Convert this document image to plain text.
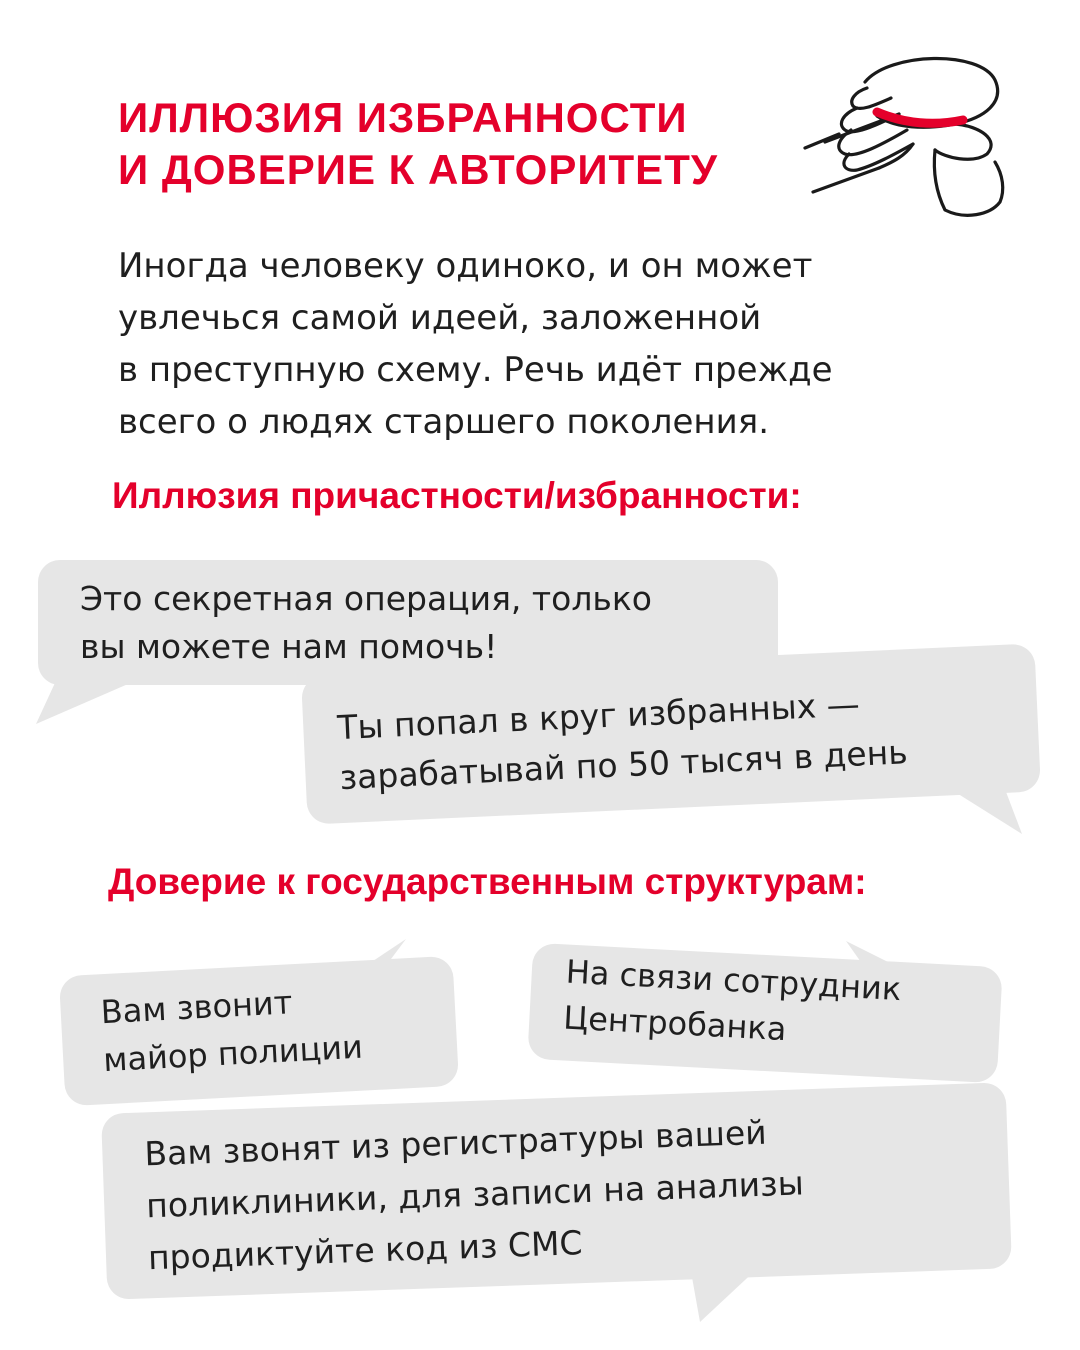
ИЛЛЮЗИЯ ИЗБРАННОСТИ
И ДОВЕРИЕ К АВТОРИТЕТУ
Иногда человеку одиноко, и он может
увлечься самой идеей, заложенной
в преступную схему. Речь идёт прежде
всего о людях старшего поколения.
Иллюзия причастности/избранности:
Это секретная операция, только
вы можете нам помочь!
Ты попал в круг избранных —
зарабатывай по 50 тысяч в день
Доверие к государственным структурам:
Вам звонит
майор полиции
На связи сотрудник
Центробанка
Вам звонят из регистратуры вашей
поликлиники, для записи на анализы
продиктуйте код из СМС
